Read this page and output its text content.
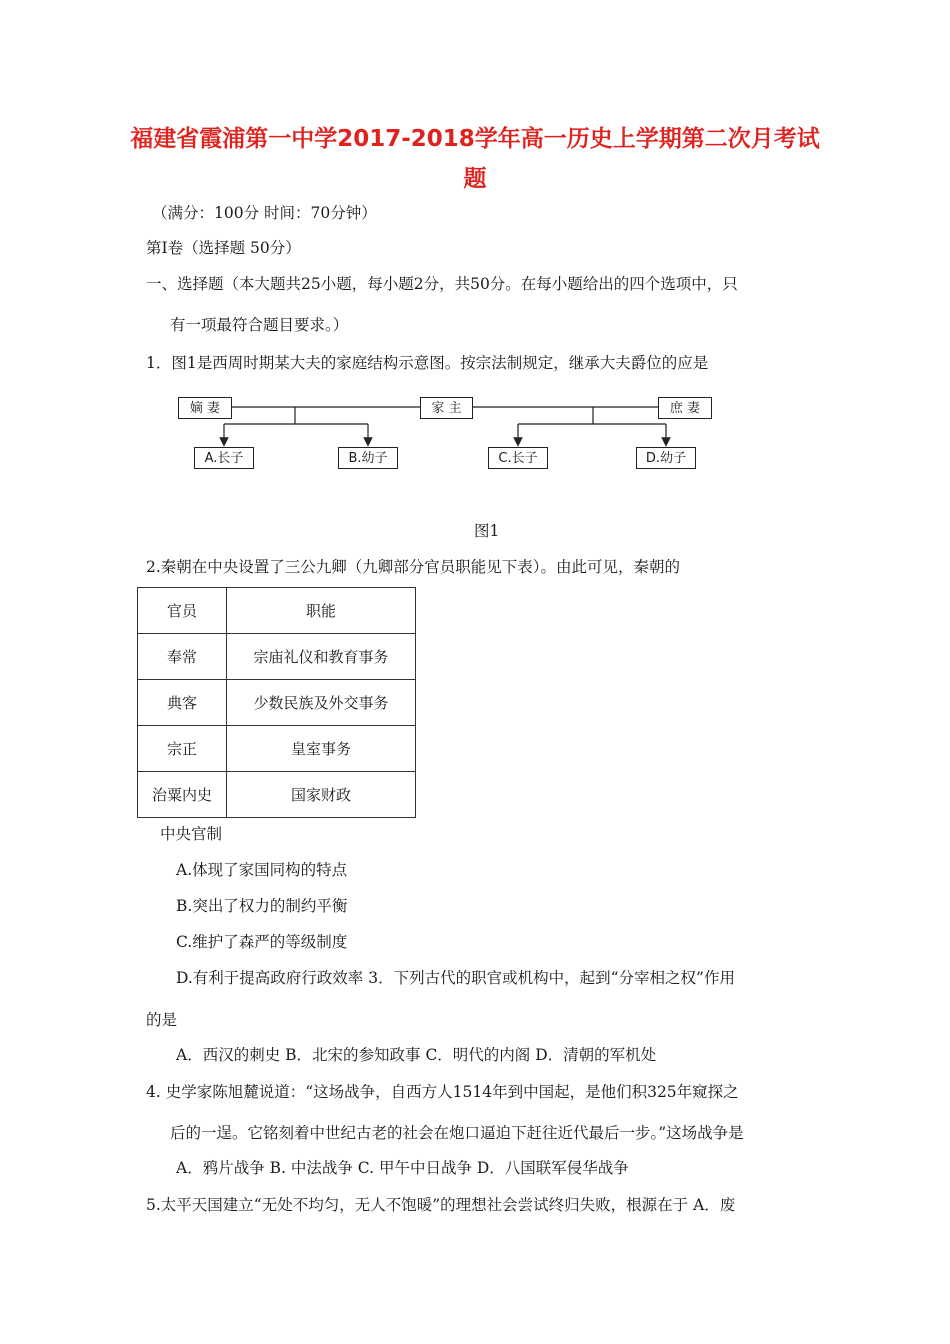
福建省霞浦第一中学2017-2018学年高一历史上学期第二次月考试
题
（满分：100分 时间：70分钟）
第Ⅰ卷（选择题 50分）
一、选择题（本大题共25小题，每小题2分，共50分。在每小题给出的四个选项中，只
有一项最符合题目要求。）
1．图1是西周时期某大夫的家庭结构示意图。按宗法制规定，继承大夫爵位的应是
嫡 妻	家 主	庶 妻
A.长子	B.幼子	C.长子	D.幼子
图1
2.秦朝在中央设置了三公九卿（九卿部分官员职能见下表）。由此可见，秦朝的
官员	职能
奉常	宗庙礼仪和教育事务
典客	少数民族及外交事务
宗正	皇室事务
治粟内史	国家财政
中央官制
A.体现了家国同构的特点
B.突出了权力的制约平衡
C.维护了森严的等级制度
D.有利于提高政府行政效率 3．下列古代的职官或机构中，起到“分宰相之权”作用
的是
A．西汉的刺史 B．北宋的参知政事 C．明代的内阁 D．清朝的军机处
4. 史学家陈旭麓说道：“这场战争，自西方人1514年到中国起，是他们积325年窥探之
后的一逞。它铭刻着中世纪古老的社会在炮口逼迫下赶往近代最后一步。”这场战争是
A．鸦片战争 B. 中法战争 C. 甲午中日战争 D．八国联军侵华战争
5.太平天国建立“无处不均匀，无人不饱暖”的理想社会尝试终归失败，根源在于 A．废
